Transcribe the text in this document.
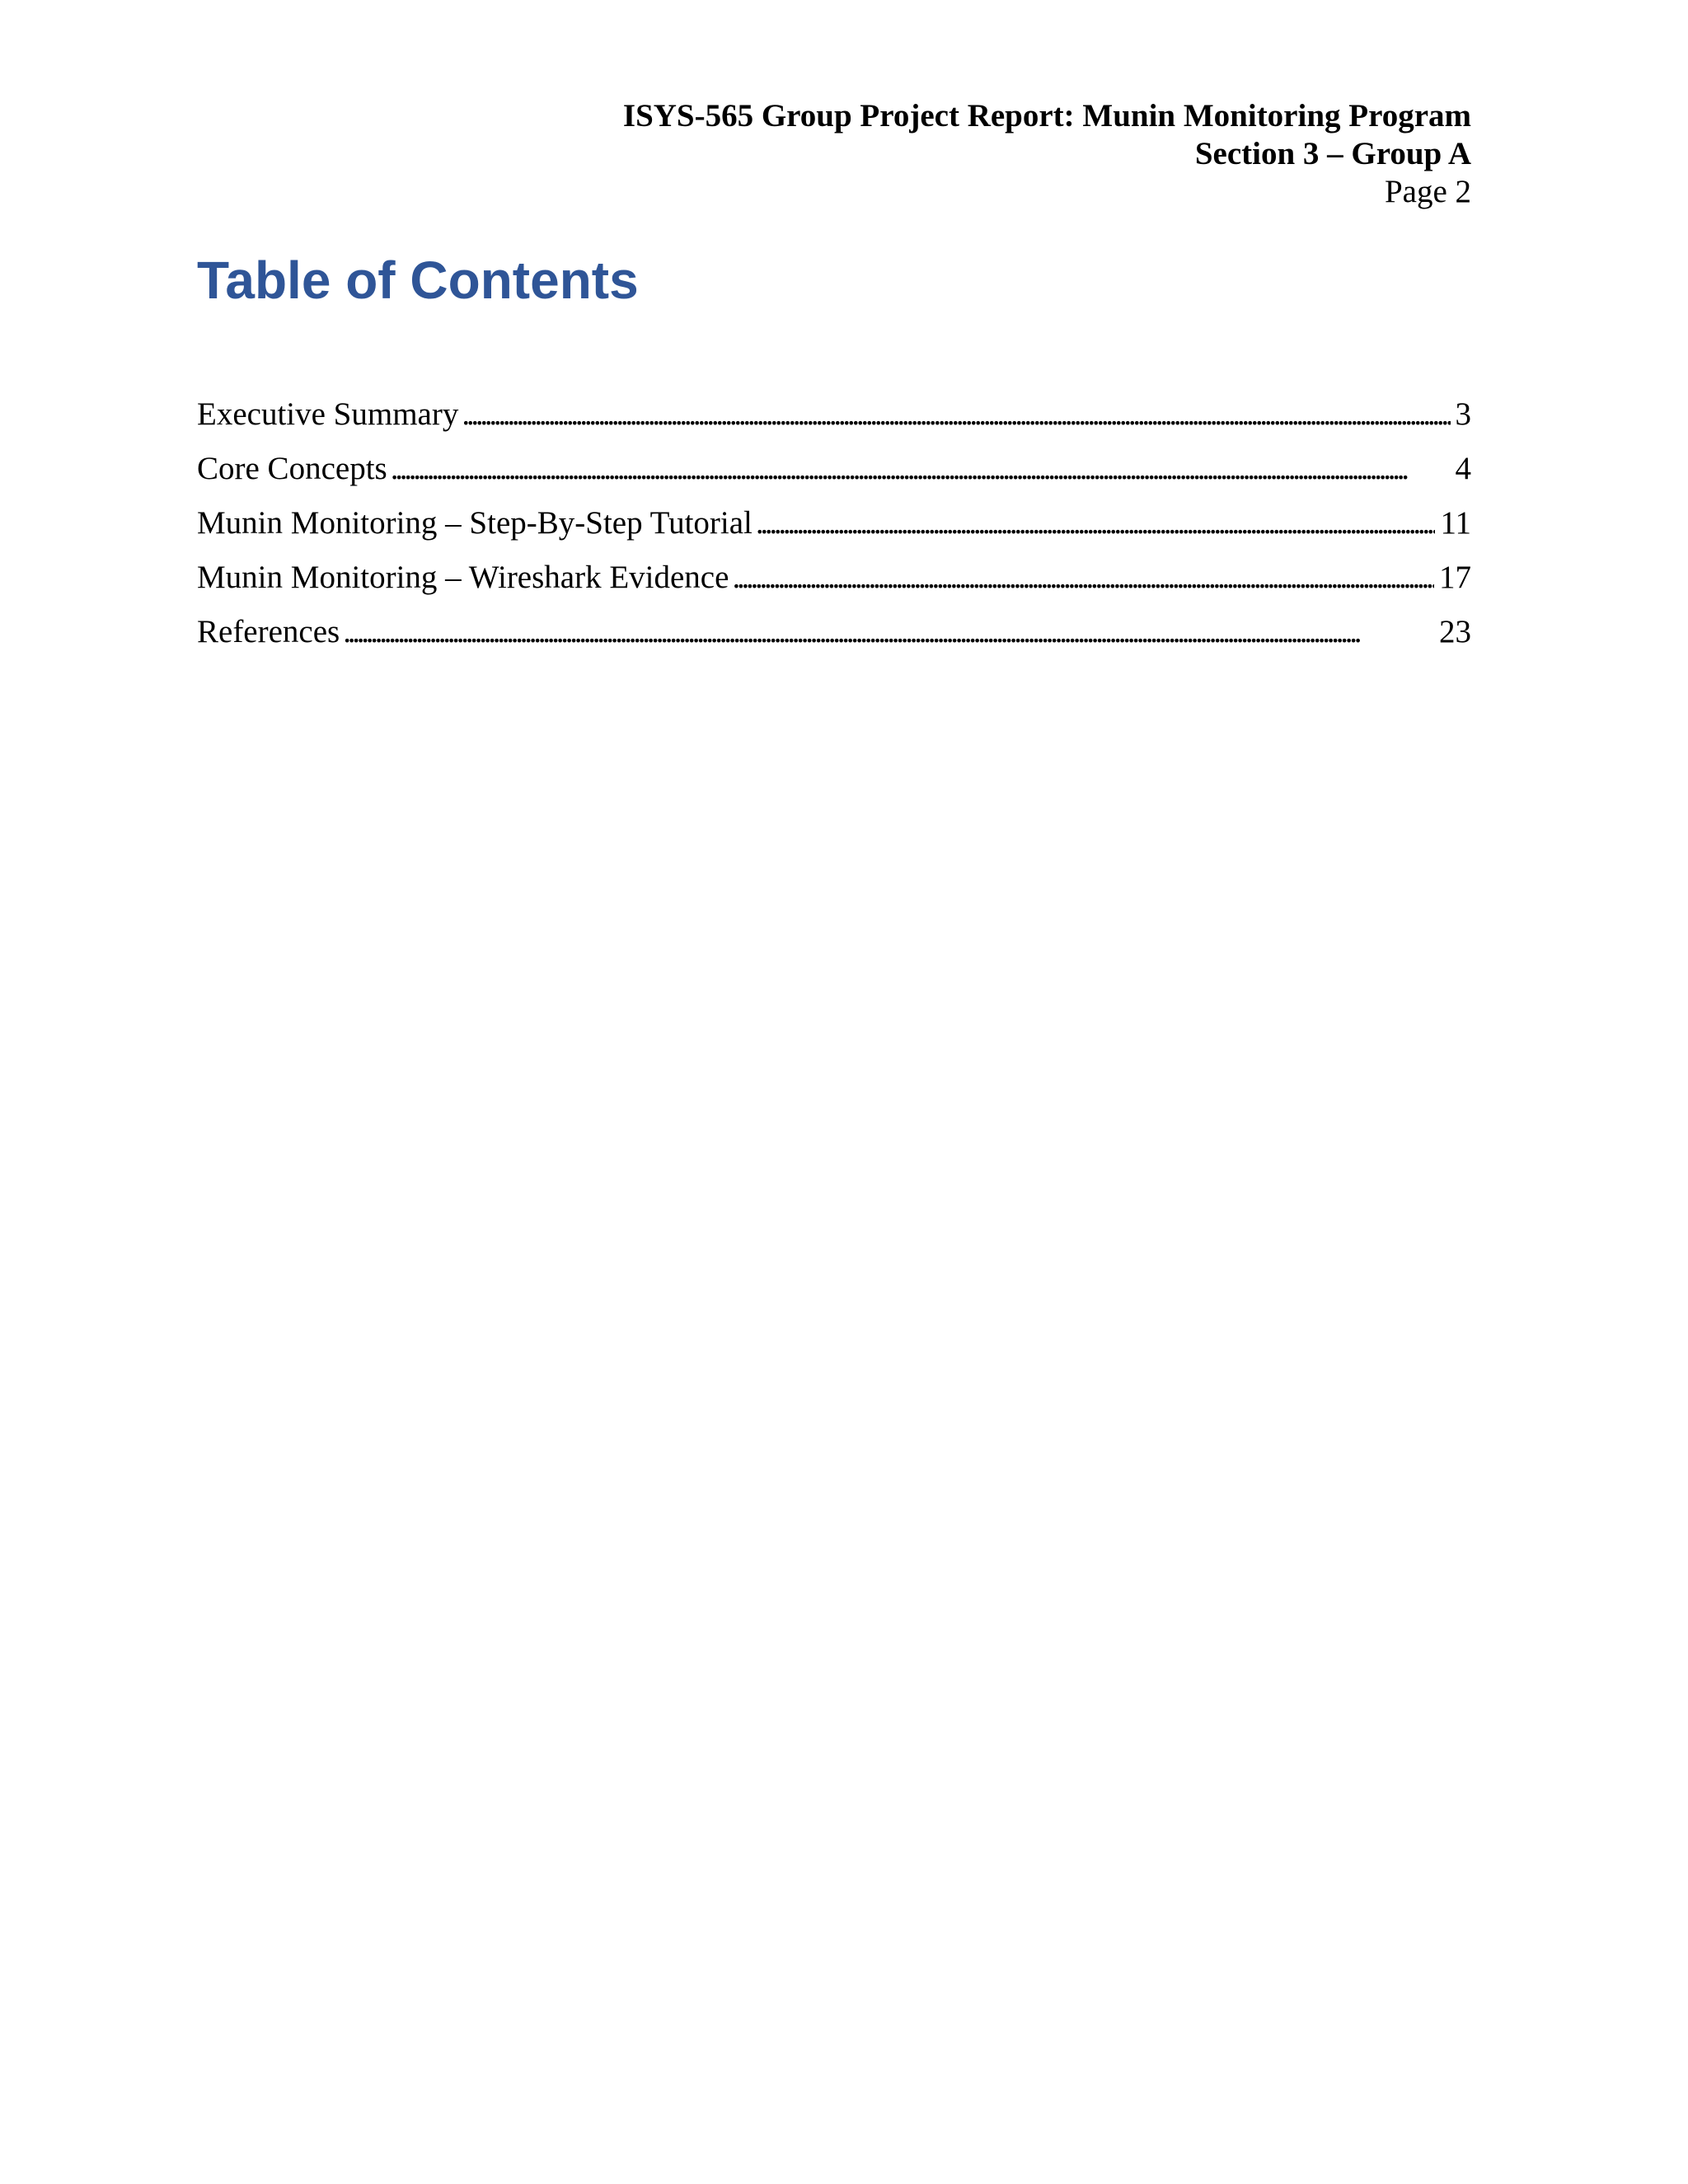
ISYS-565 Group Project Report: Munin Monitoring Program
Section 3 – Group A
Page 2
Table of Contents
Executive Summary . . .	3
Core Concepts . . .	4
Munin Monitoring – Step-By-Step Tutorial . . .	11
Munin Monitoring – Wireshark Evidence . . .	17
References . . .	23
